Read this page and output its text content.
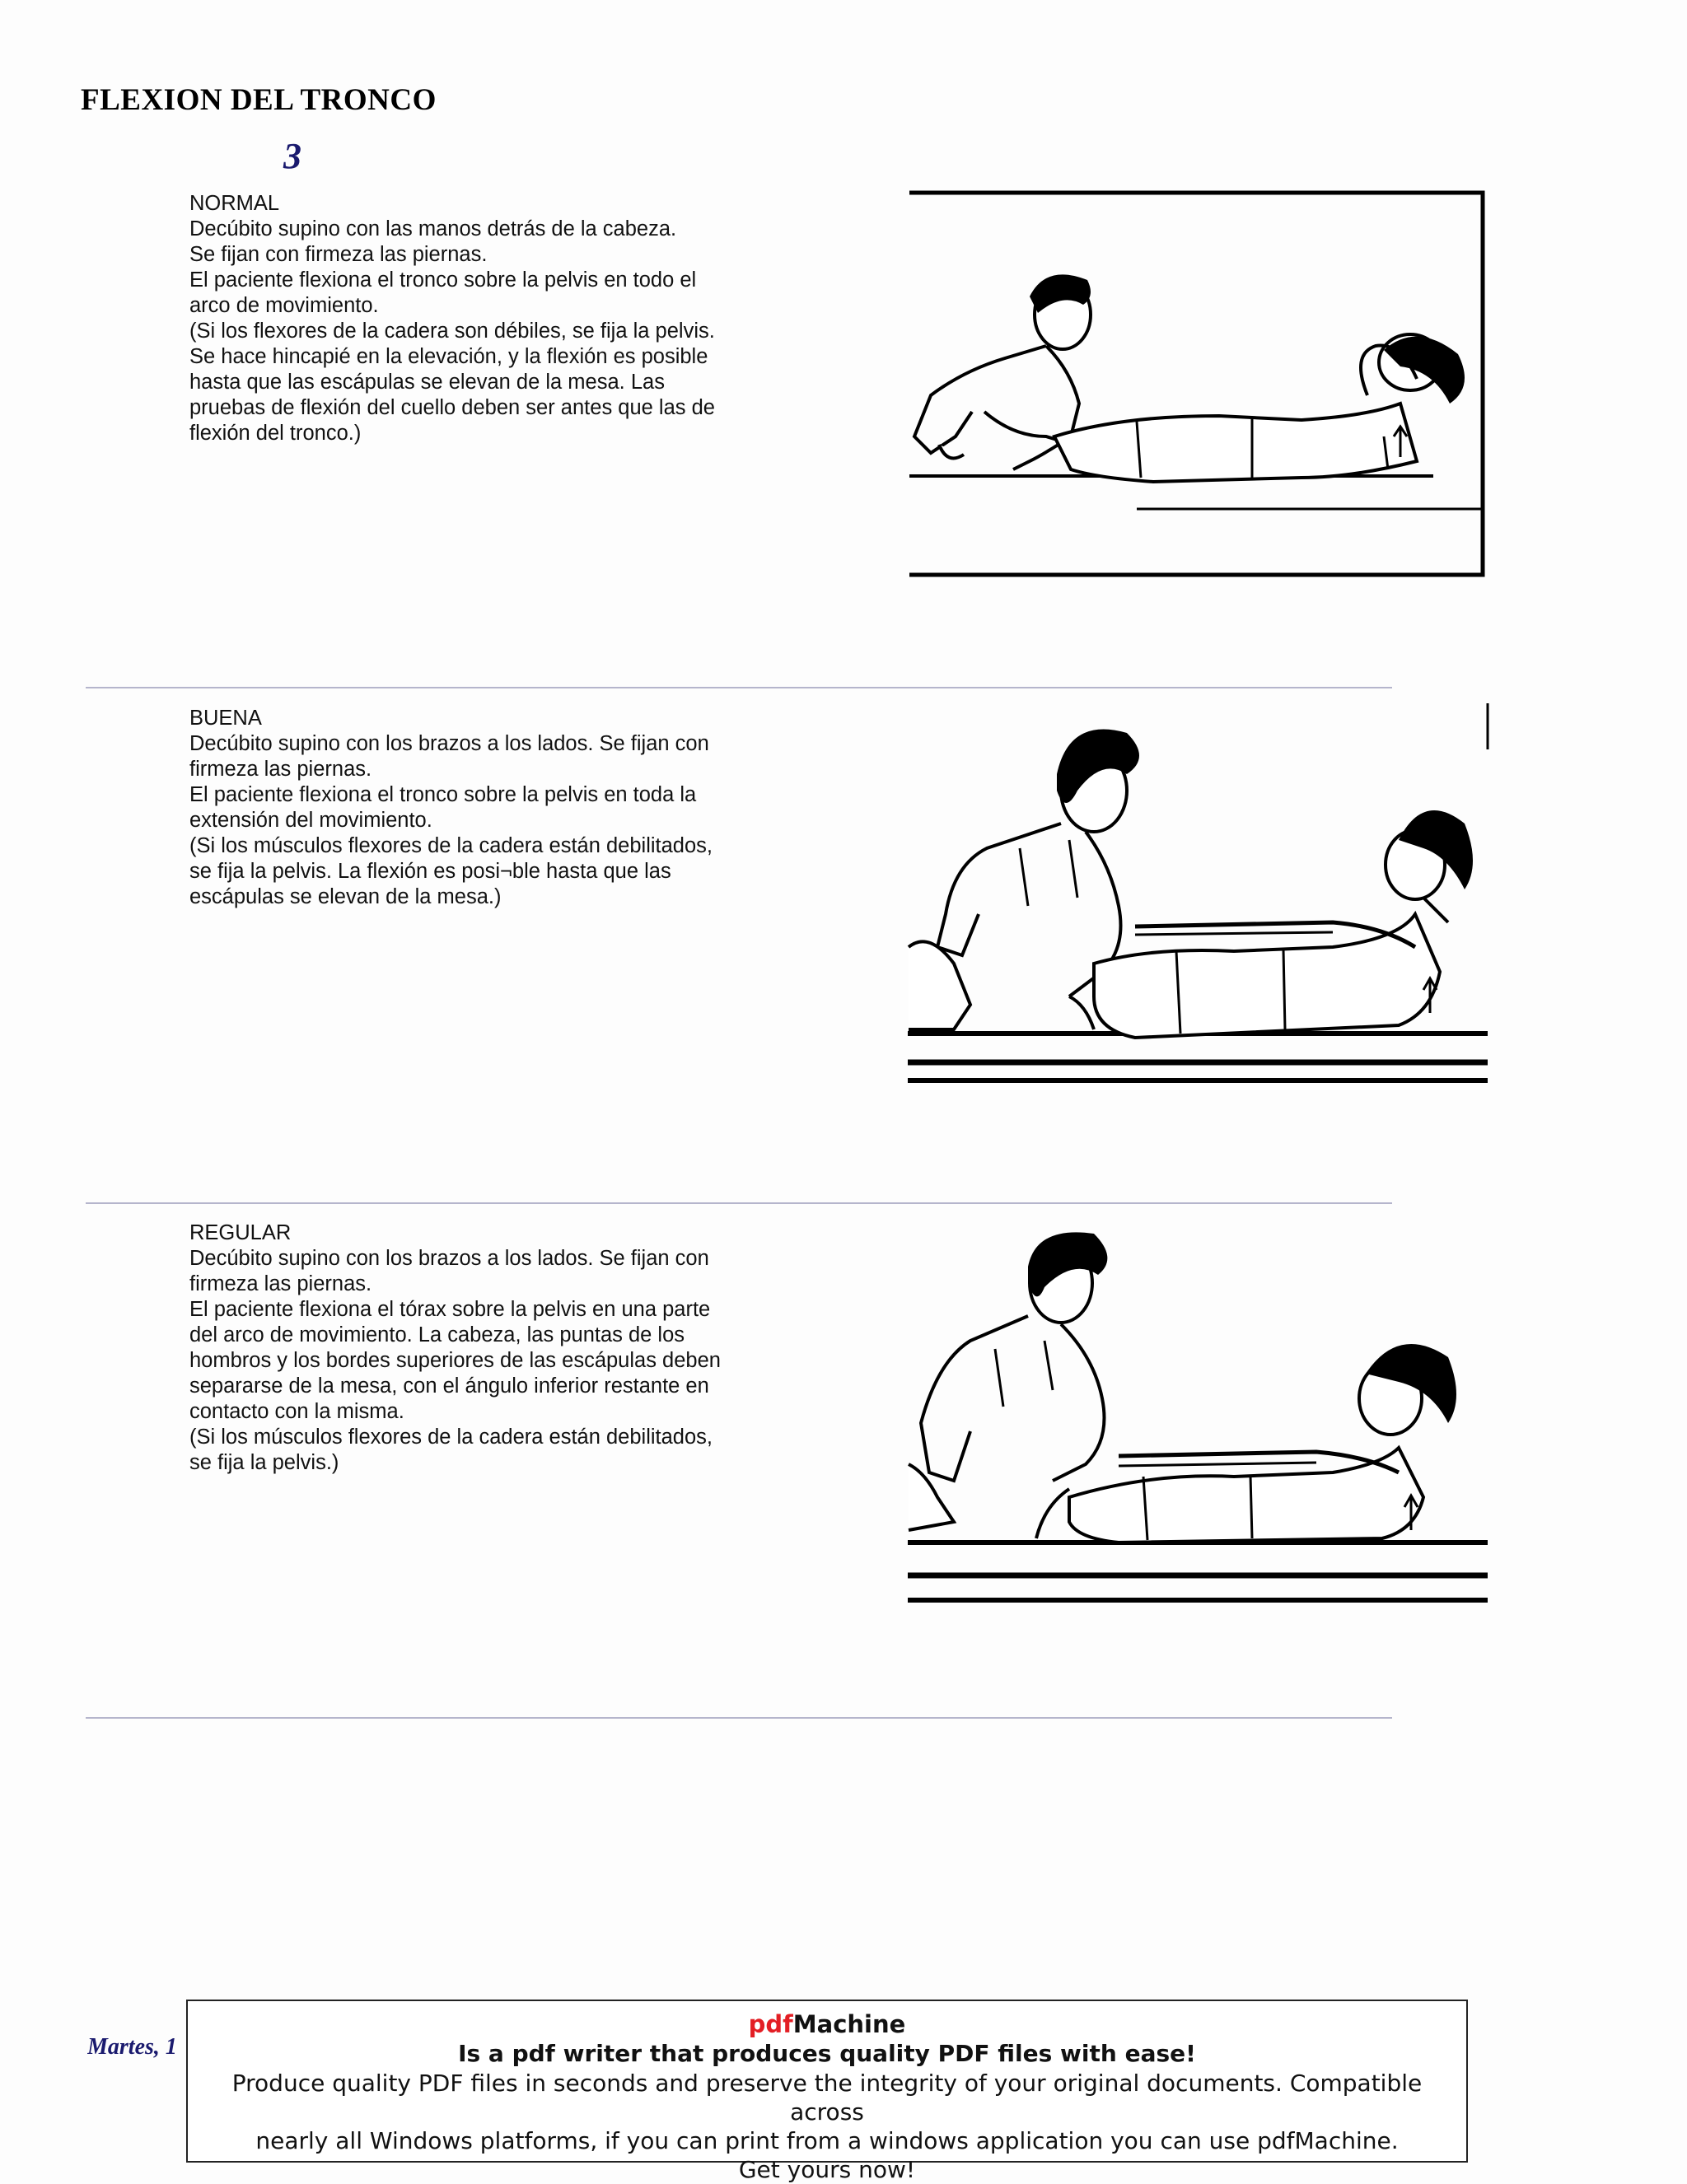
FLEXION DEL TRONCO
3

NORMAL

Decúbito supino con las manos detrás de la cabeza.

Se fijan con firmeza las piernas.

El paciente flexiona el tronco sobre la pelvis en todo el

arco de movimiento.

(Si los flexores de la cadera son débiles, se fija la pelvis.

Se hace hincapié en la elevación, y la flexión es posible

hasta que las escápulas se elevan de la mesa. Las

pruebas de flexión del cuello deben ser antes que las de

flexión del tronco.)

BUENA

Decúbito supino con los brazos a los lados. Se fijan con

firmeza las piernas.

El paciente flexiona el tronco sobre la pelvis en toda la

extensión del movimiento.

(Si los músculos flexores de la cadera están debilitados,

se fija la pelvis. La flexión es posi¬ble hasta que las

escápulas se elevan de la mesa.)

REGULAR

Decúbito supino con los brazos a los lados. Se fijan con

firmeza las piernas.

El paciente flexiona el tórax sobre la pelvis en una parte

del arco de movimiento. La cabeza, las puntas de los

hombros y los bordes superiores de las escápulas deben

separarse de la mesa, con el ángulo inferior restante en

contacto con la misma.

(Si los músculos flexores de la cadera están debilitados,

se fija la pelvis.)

Martes, 1
pdfMachine
Is a pdf writer that produces quality PDF files with ease!
Produce quality PDF files in seconds and preserve the integrity of your original documents. Compatible across
nearly all Windows platforms, if you can print from a windows application you can use pdfMachine.
Get yours now!
